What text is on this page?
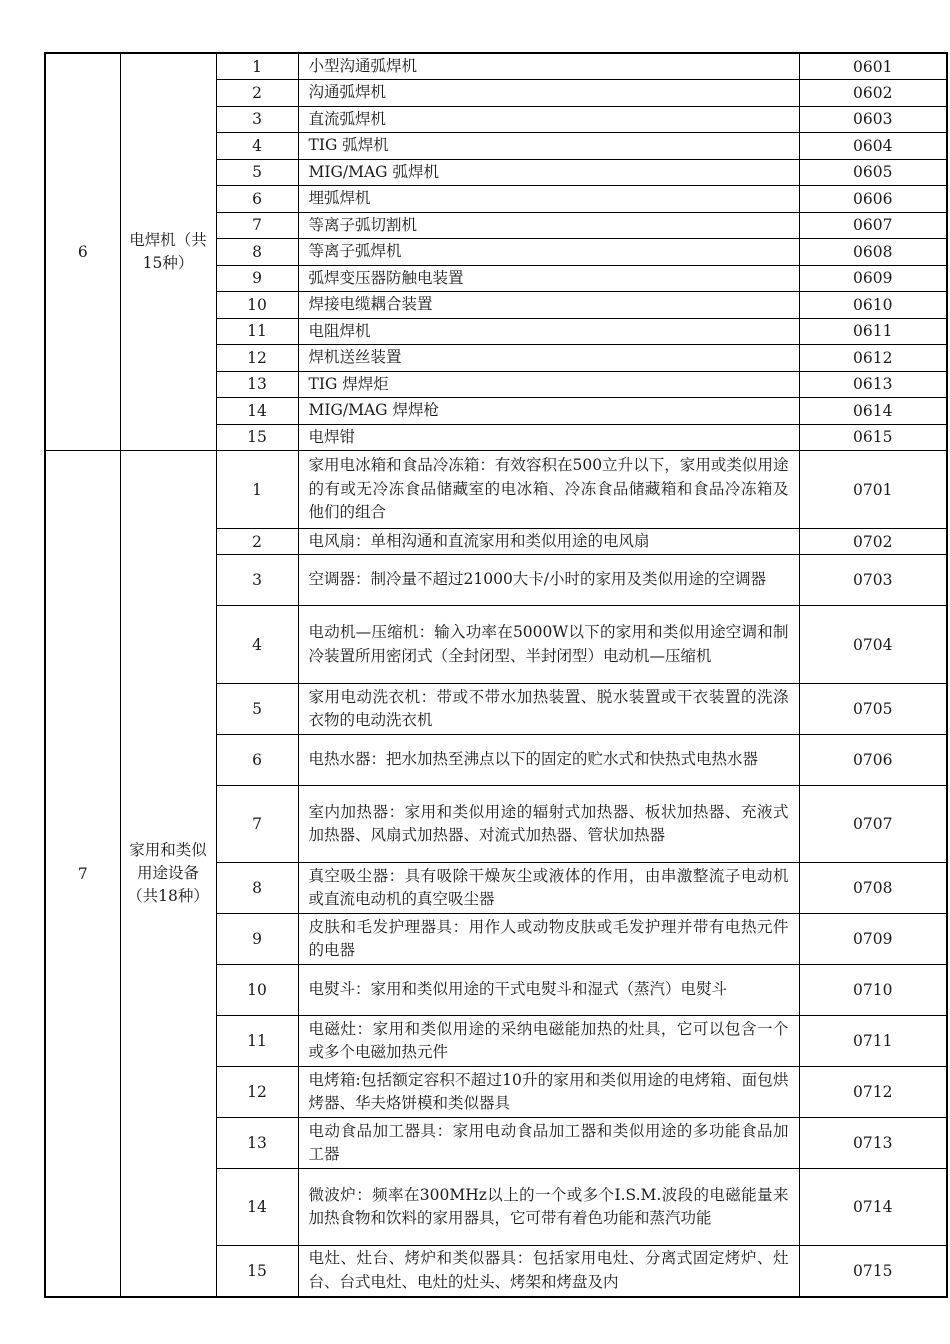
6	电焊机（共15种）	1	小型沟通弧焊机	0601
		2	沟通弧焊机	0602
		3	直流弧焊机	0603
		4	TIG 弧焊机	0604
		5	MIG/MAG 弧焊机	0605
		6	埋弧焊机	0606
		7	等离子弧切割机	0607
		8	等离子弧焊机	0608
		9	弧焊变压器防触电装置	0609
		10	焊接电缆耦合装置	0610
		11	电阻焊机	0611
		12	焊机送丝装置	0612
		13	TIG 焊焊炬	0613
		14	MIG/MAG 焊焊枪	0614
		15	电焊钳	0615
7	家用和类似用途设备（共18种）	1	家用电冰箱和食品冷冻箱：有效容积在500立升以下，家用或类似用途的有或无冷冻食品储藏室的电冰箱、冷冻食品储藏箱和食品冷冻箱及他们的组合	0701
		2	电风扇：单相沟通和直流家用和类似用途的电风扇	0702
		3	空调器：制冷量不超过21000大卡/小时的家用及类似用途的空调器	0703
		4	电动机—压缩机：输入功率在5000W以下的家用和类似用途空调和制冷装置所用密闭式（全封闭型、半封闭型）电动机—压缩机	0704
		5	家用电动洗衣机：带或不带水加热装置、脱水装置或干衣装置的洗涤衣物的电动洗衣机	0705
		6	电热水器：把水加热至沸点以下的固定的贮水式和快热式电热水器	0706
		7	室内加热器：家用和类似用途的辐射式加热器、板状加热器、充液式加热器、风扇式加热器、对流式加热器、管状加热器	0707
		8	真空吸尘器：具有吸除干燥灰尘或液体的作用，由串激整流子电动机或直流电动机的真空吸尘器	0708
		9	皮肤和毛发护理器具：用作人或动物皮肤或毛发护理并带有电热元件的电器	0709
		10	电熨斗：家用和类似用途的干式电熨斗和湿式（蒸汽）电熨斗	0710
		11	电磁灶：家用和类似用途的采纳电磁能加热的灶具，它可以包含一个或多个电磁加热元件	0711
		12	电烤箱:包括额定容积不超过10升的家用和类似用途的电烤箱、面包烘烤器、华夫烙饼模和类似器具	0712
		13	电动食品加工器具：家用电动食品加工器和类似用途的多功能食品加工器	0713
		14	微波炉：频率在300MHz以上的一个或多个I.S.M.波段的电磁能量来加热食物和饮料的家用器具，它可带有着色功能和蒸汽功能	0714
		15	电灶、灶台、烤炉和类似器具：包括家用电灶、分离式固定烤炉、灶台、台式电灶、电灶的灶头、烤架和烤盘及内	0715
